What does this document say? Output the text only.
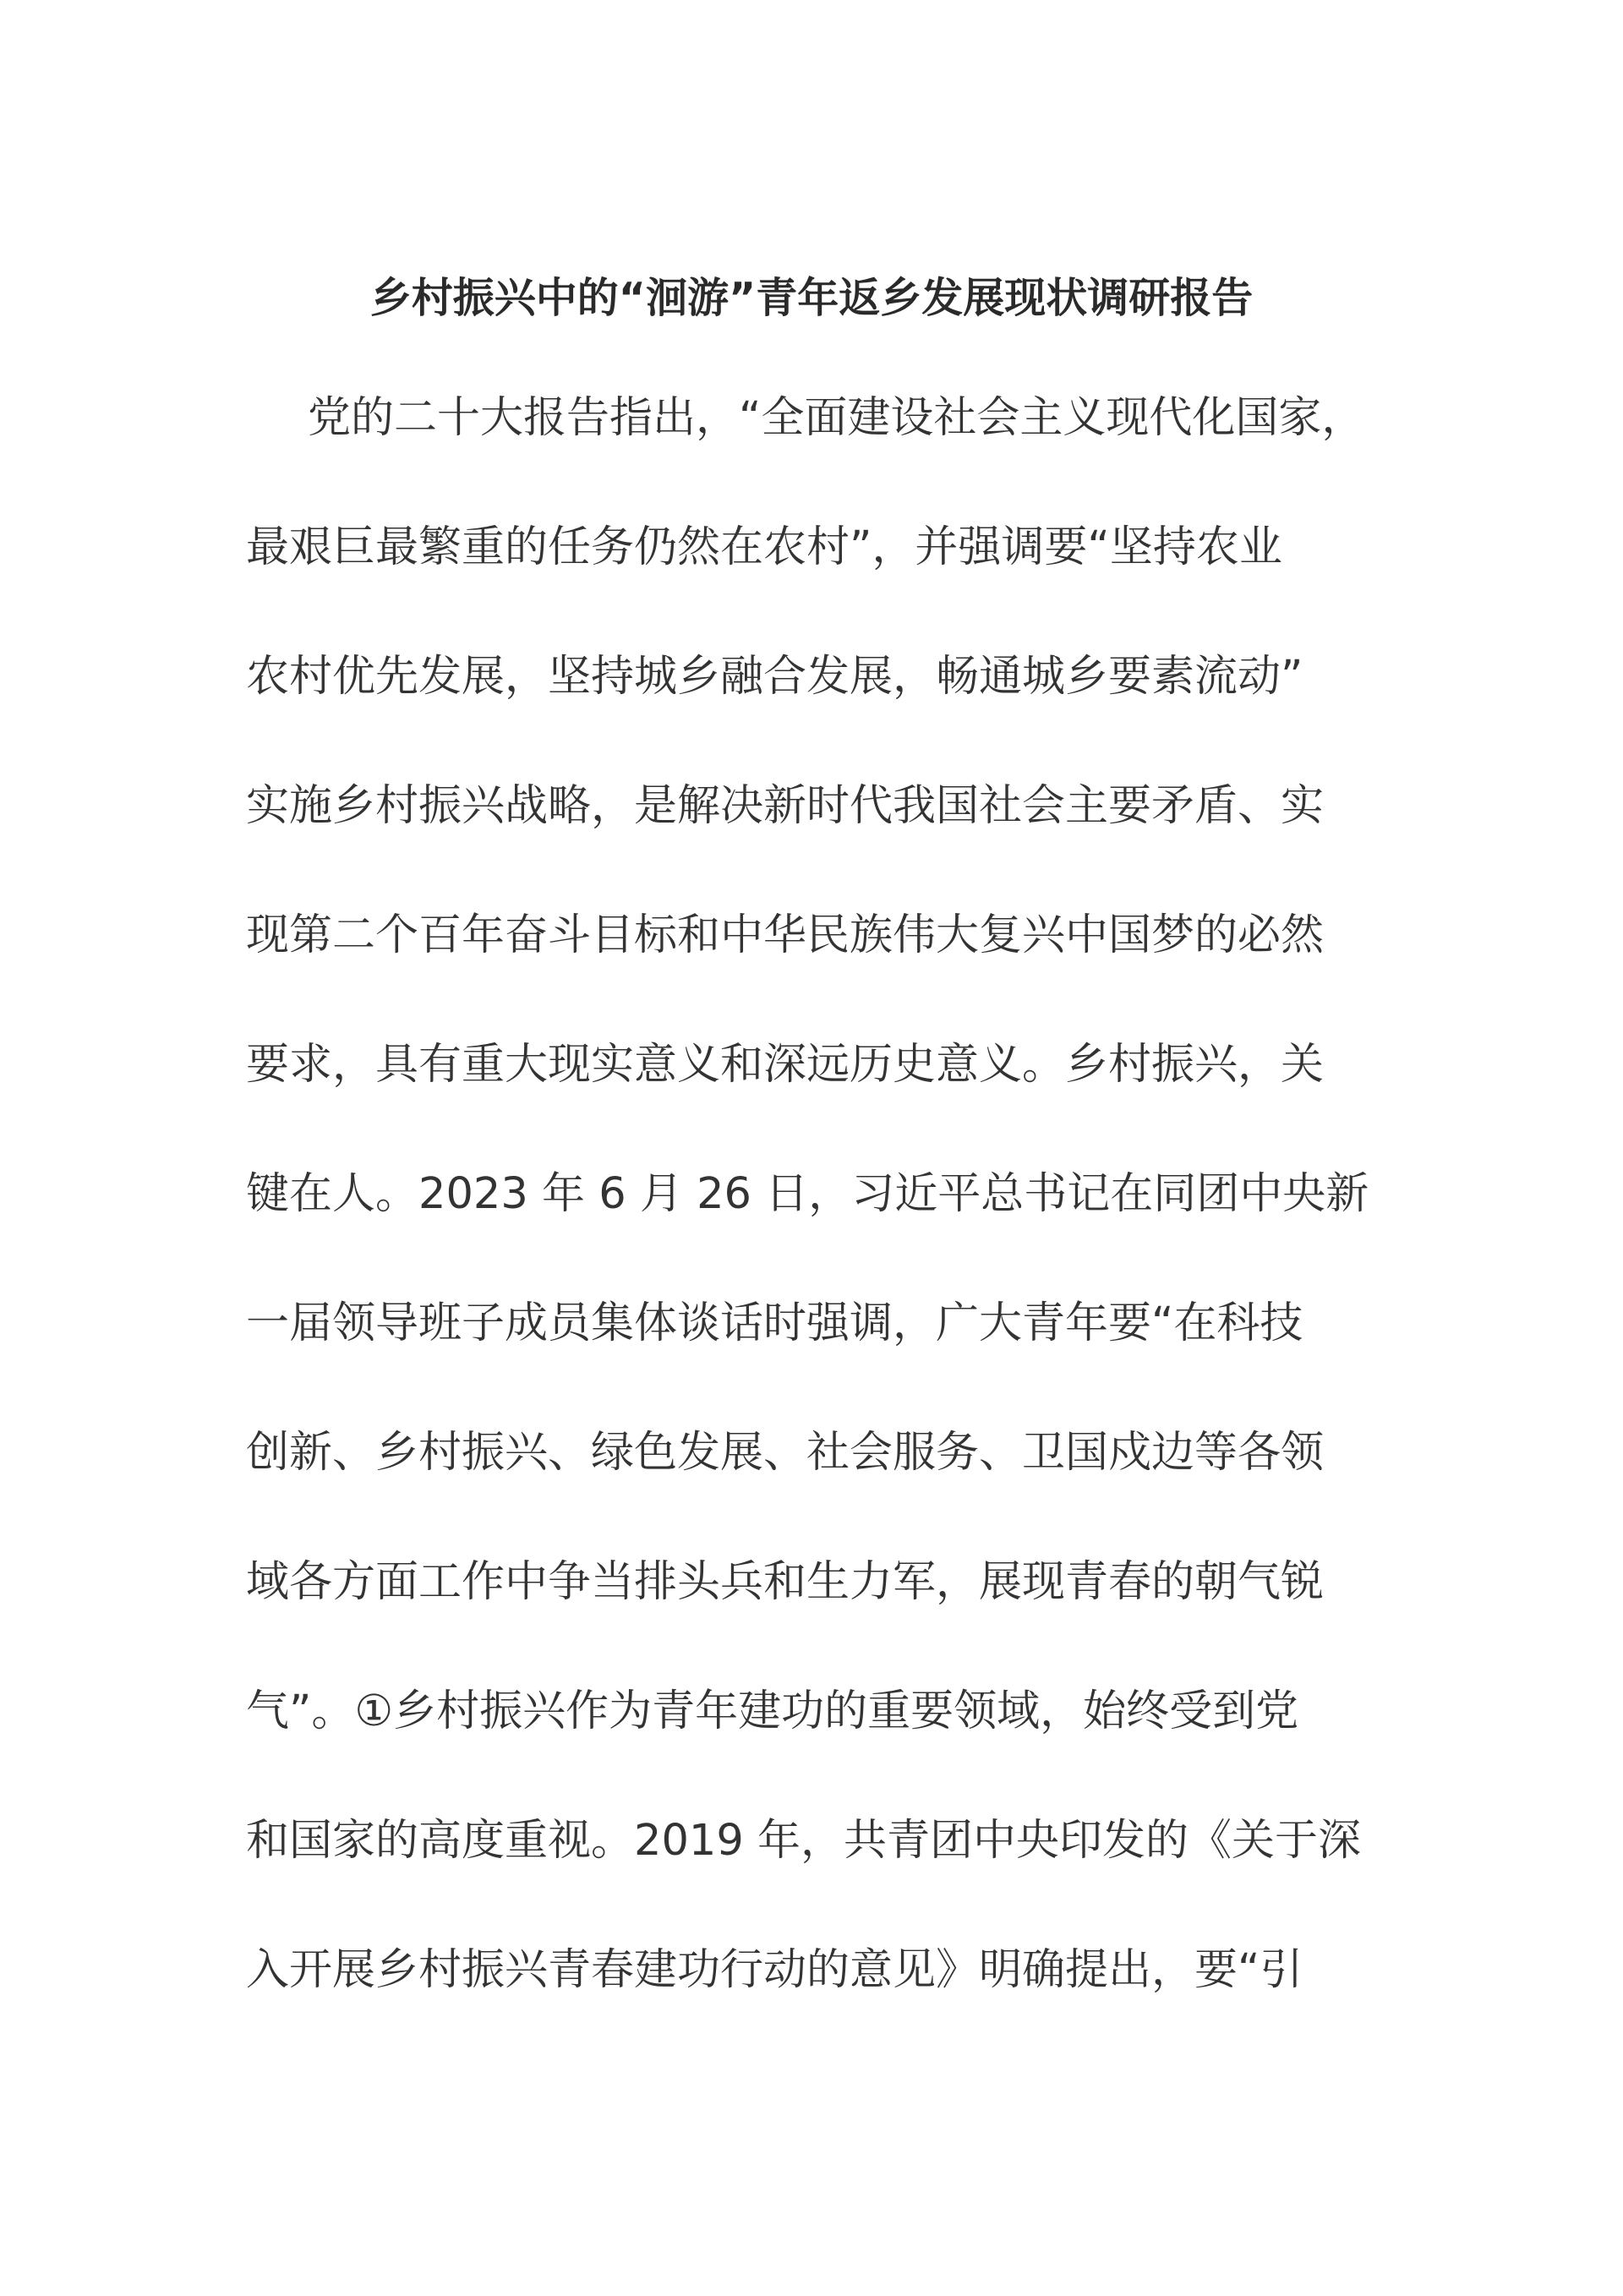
乡村振兴中的“洄游”青年返乡发展现状调研报告
党的二十大报告指出，“全面建设社会主义现代化国家，
最艰巨最繁重的任务仍然在农村”，并强调要“坚持农业
农村优先发展，坚持城乡融合发展，畅通城乡要素流动”
实施乡村振兴战略，是解决新时代我国社会主要矛盾、实
现第二个百年奋斗目标和中华民族伟大复兴中国梦的必然
要求，具有重大现实意义和深远历史意义。乡村振兴，关
键在人。2023 年 6 月 26 日，习近平总书记在同团中央新
一届领导班子成员集体谈话时强调，广大青年要“在科技
创新、乡村振兴、绿色发展、社会服务、卫国戍边等各领
域各方面工作中争当排头兵和生力军，展现青春的朝气锐
气”。①乡村振兴作为青年建功的重要领域，始终受到党
和国家的高度重视。2019 年，共青团中央印发的《关于深
入开展乡村振兴青春建功行动的意见》明确提出，要“引
